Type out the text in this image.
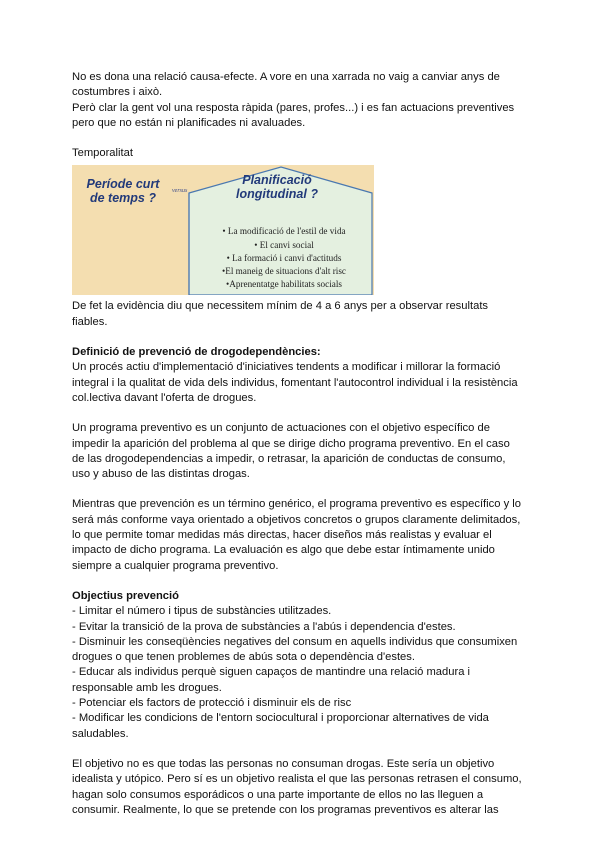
No es dona una relació causa-efecte. A vore en una xarrada no vaig a canviar anys de costumbres i això.

Però clar la gent vol una resposta ràpida (pares, profes...) i es fan actuacions preventives pero que no están ni planificades ni avaluades.

Temporalitat

Període curt de temps ?	versus
Planificació longitudinal ?
• La modificació de l'estil de vida
• El canvi social
• La formació i canvi d'actituds
•El maneig de situacions d'alt risc
•Aprenentatge habilitats socials

De fet la evidència diu que necessitem mínim de 4 a 6 anys per a observar resultats fiables.

Definició de prevenció de drogodependències:

Un procés actiu d'implementació d'iniciatives tendents a modificar i millorar la formació integral i la qualitat de vida dels individus, fomentant l'autocontrol individual i la resistència col.lectiva davant l'oferta de drogues.

Un programa preventivo es un conjunto de actuaciones con el objetivo específico de impedir la aparición del problema al que se dirige dicho programa preventivo. En el caso de las drogodependencias a impedir, o retrasar, la aparición de conductas de consumo, uso y abuso de las distintas drogas.

Mientras que prevención es un término genérico, el programa preventivo es específico y lo será más conforme vaya orientado a objetivos concretos o grupos claramente delimitados, lo que permite tomar medidas más directas, hacer diseños más realistas y evaluar el impacto de dicho programa. La evaluación es algo que debe estar íntimamente unido siempre a cualquier programa preventivo.

Objectius prevenció

- Limitar el número i tipus de substàncies utilitzades.

- Evitar la transició de la prova de substàncies a l'abús i dependencia d'estes.

- Disminuir les conseqüències negatives del consum en aquells individus que consumixen drogues o que tenen problemes de abús sota o dependència d'estes.

- Educar als individus perquè siguen capaços de mantindre una relació madura i responsable amb les drogues.

- Potenciar els factors de protecció i disminuir els de risc

- Modificar les condicions de l'entorn sociocultural i proporcionar alternatives de vida saludables.

El objetivo no es que todas las personas no consuman drogas. Este sería un objetivo idealista y utópico. Pero sí es un objetivo realista el que las personas retrasen el consumo, hagan solo consumos esporádicos o una parte importante de ellos no las lleguen a consumir. Realmente, lo que se pretende con los programas preventivos es alterar las
